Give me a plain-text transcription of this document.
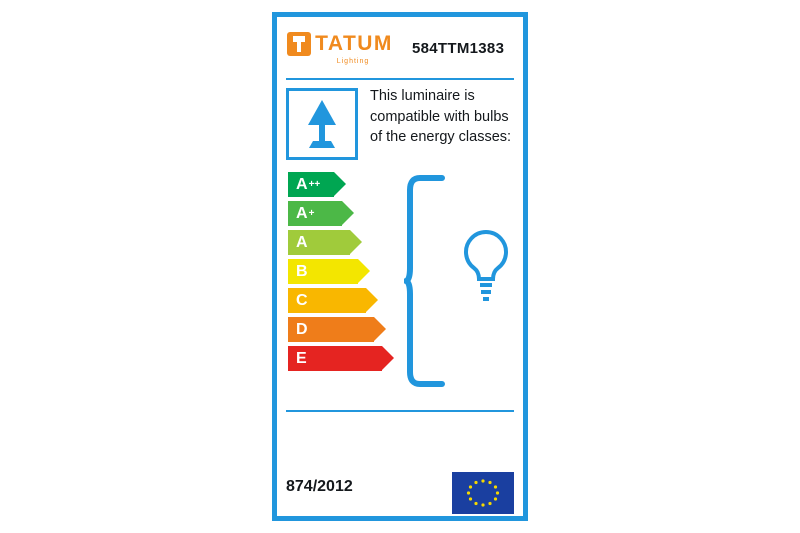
TATUM
Lighting
584TTM1383
This luminaire is compatible with bulbs of the energy classes:
A ++
A +
A
B
C
D
E
874/2012
